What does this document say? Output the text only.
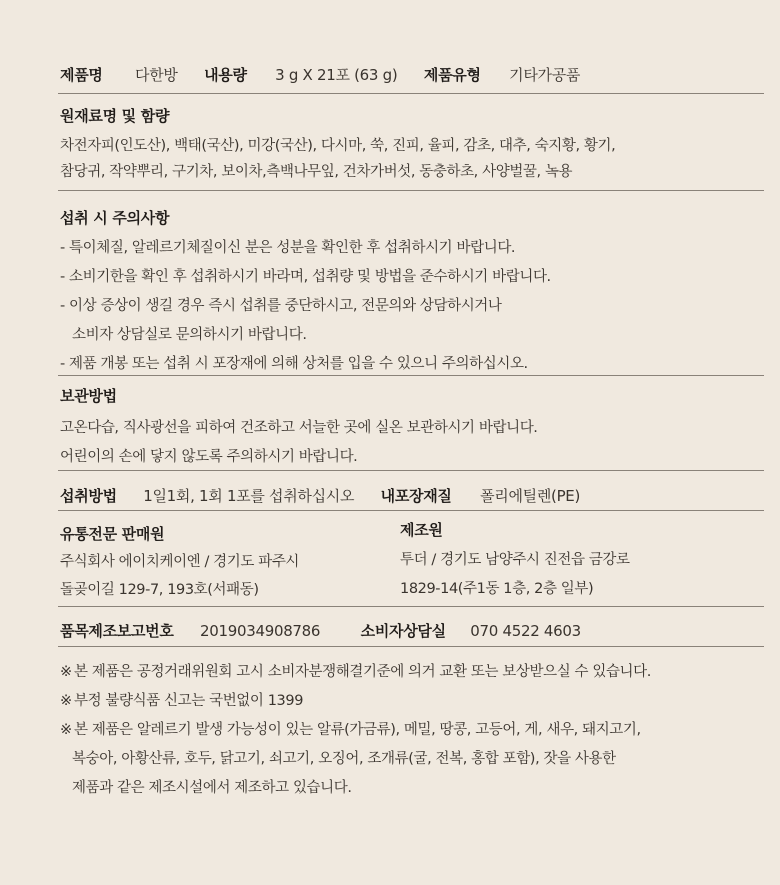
제품명 다한방 내용량 3 g X 21포 (63 g) 제품유형 기타가공품
원재료명 및 함량
차전자피(인도산), 백태(국산), 미강(국산), 다시마, 쑥, 진피, 율피, 감초, 대추, 숙지황, 황기,
참당귀, 작약뿌리, 구기차, 보이차,측백나무잎, 건차가버섯, 동충하초, 사양벌꿀, 녹용
섭취 시 주의사항
- 특이체질, 알레르기체질이신 분은 성분을 확인한 후 섭취하시기 바랍니다.
- 소비기한을 확인 후 섭취하시기 바라며, 섭취량 및 방법을 준수하시기 바랍니다.
- 이상 증상이 생길 경우 즉시 섭취를 중단하시고, 전문의와 상담하시거나
소비자 상담실로 문의하시기 바랍니다.
- 제품 개봉 또는 섭취 시 포장재에 의해 상처를 입을 수 있으니 주의하십시오.
보관방법
고온다습, 직사광선을 피하여 건조하고 서늘한 곳에 실온 보관하시기 바랍니다.
어린이의 손에 닿지 않도록 주의하시기 바랍니다.
섭취방법 1일1회, 1회 1포를 섭취하십시오 내포장재질 폴리에틸렌(PE)
유통전문 판매원
주식회사 에이치케이엔 / 경기도 파주시
돌곶이길 129-7, 193호(서패동)
제조원
투더 / 경기도 남양주시 진전읍 금강로
1829-14(주1동 1층, 2층 일부)
품목제조보고번호 2019034908786	소비자상담실 070 4522 4603
※ 본 제품은 공정거래위원회 고시 소비자분쟁해결기준에 의거 교환 또는 보상받으실 수 있습니다.
※ 부정 불량식품 신고는 국번없이 1399
※ 본 제품은 알레르기 발생 가능성이 있는 알류(가금류), 메밀, 땅콩, 고등어, 게, 새우, 돼지고기,
복숭아, 아황산류, 호두, 닭고기, 쇠고기, 오징어, 조개류(굴, 전복, 홍합 포함), 잣을 사용한
제품과 같은 제조시설에서 제조하고 있습니다.
